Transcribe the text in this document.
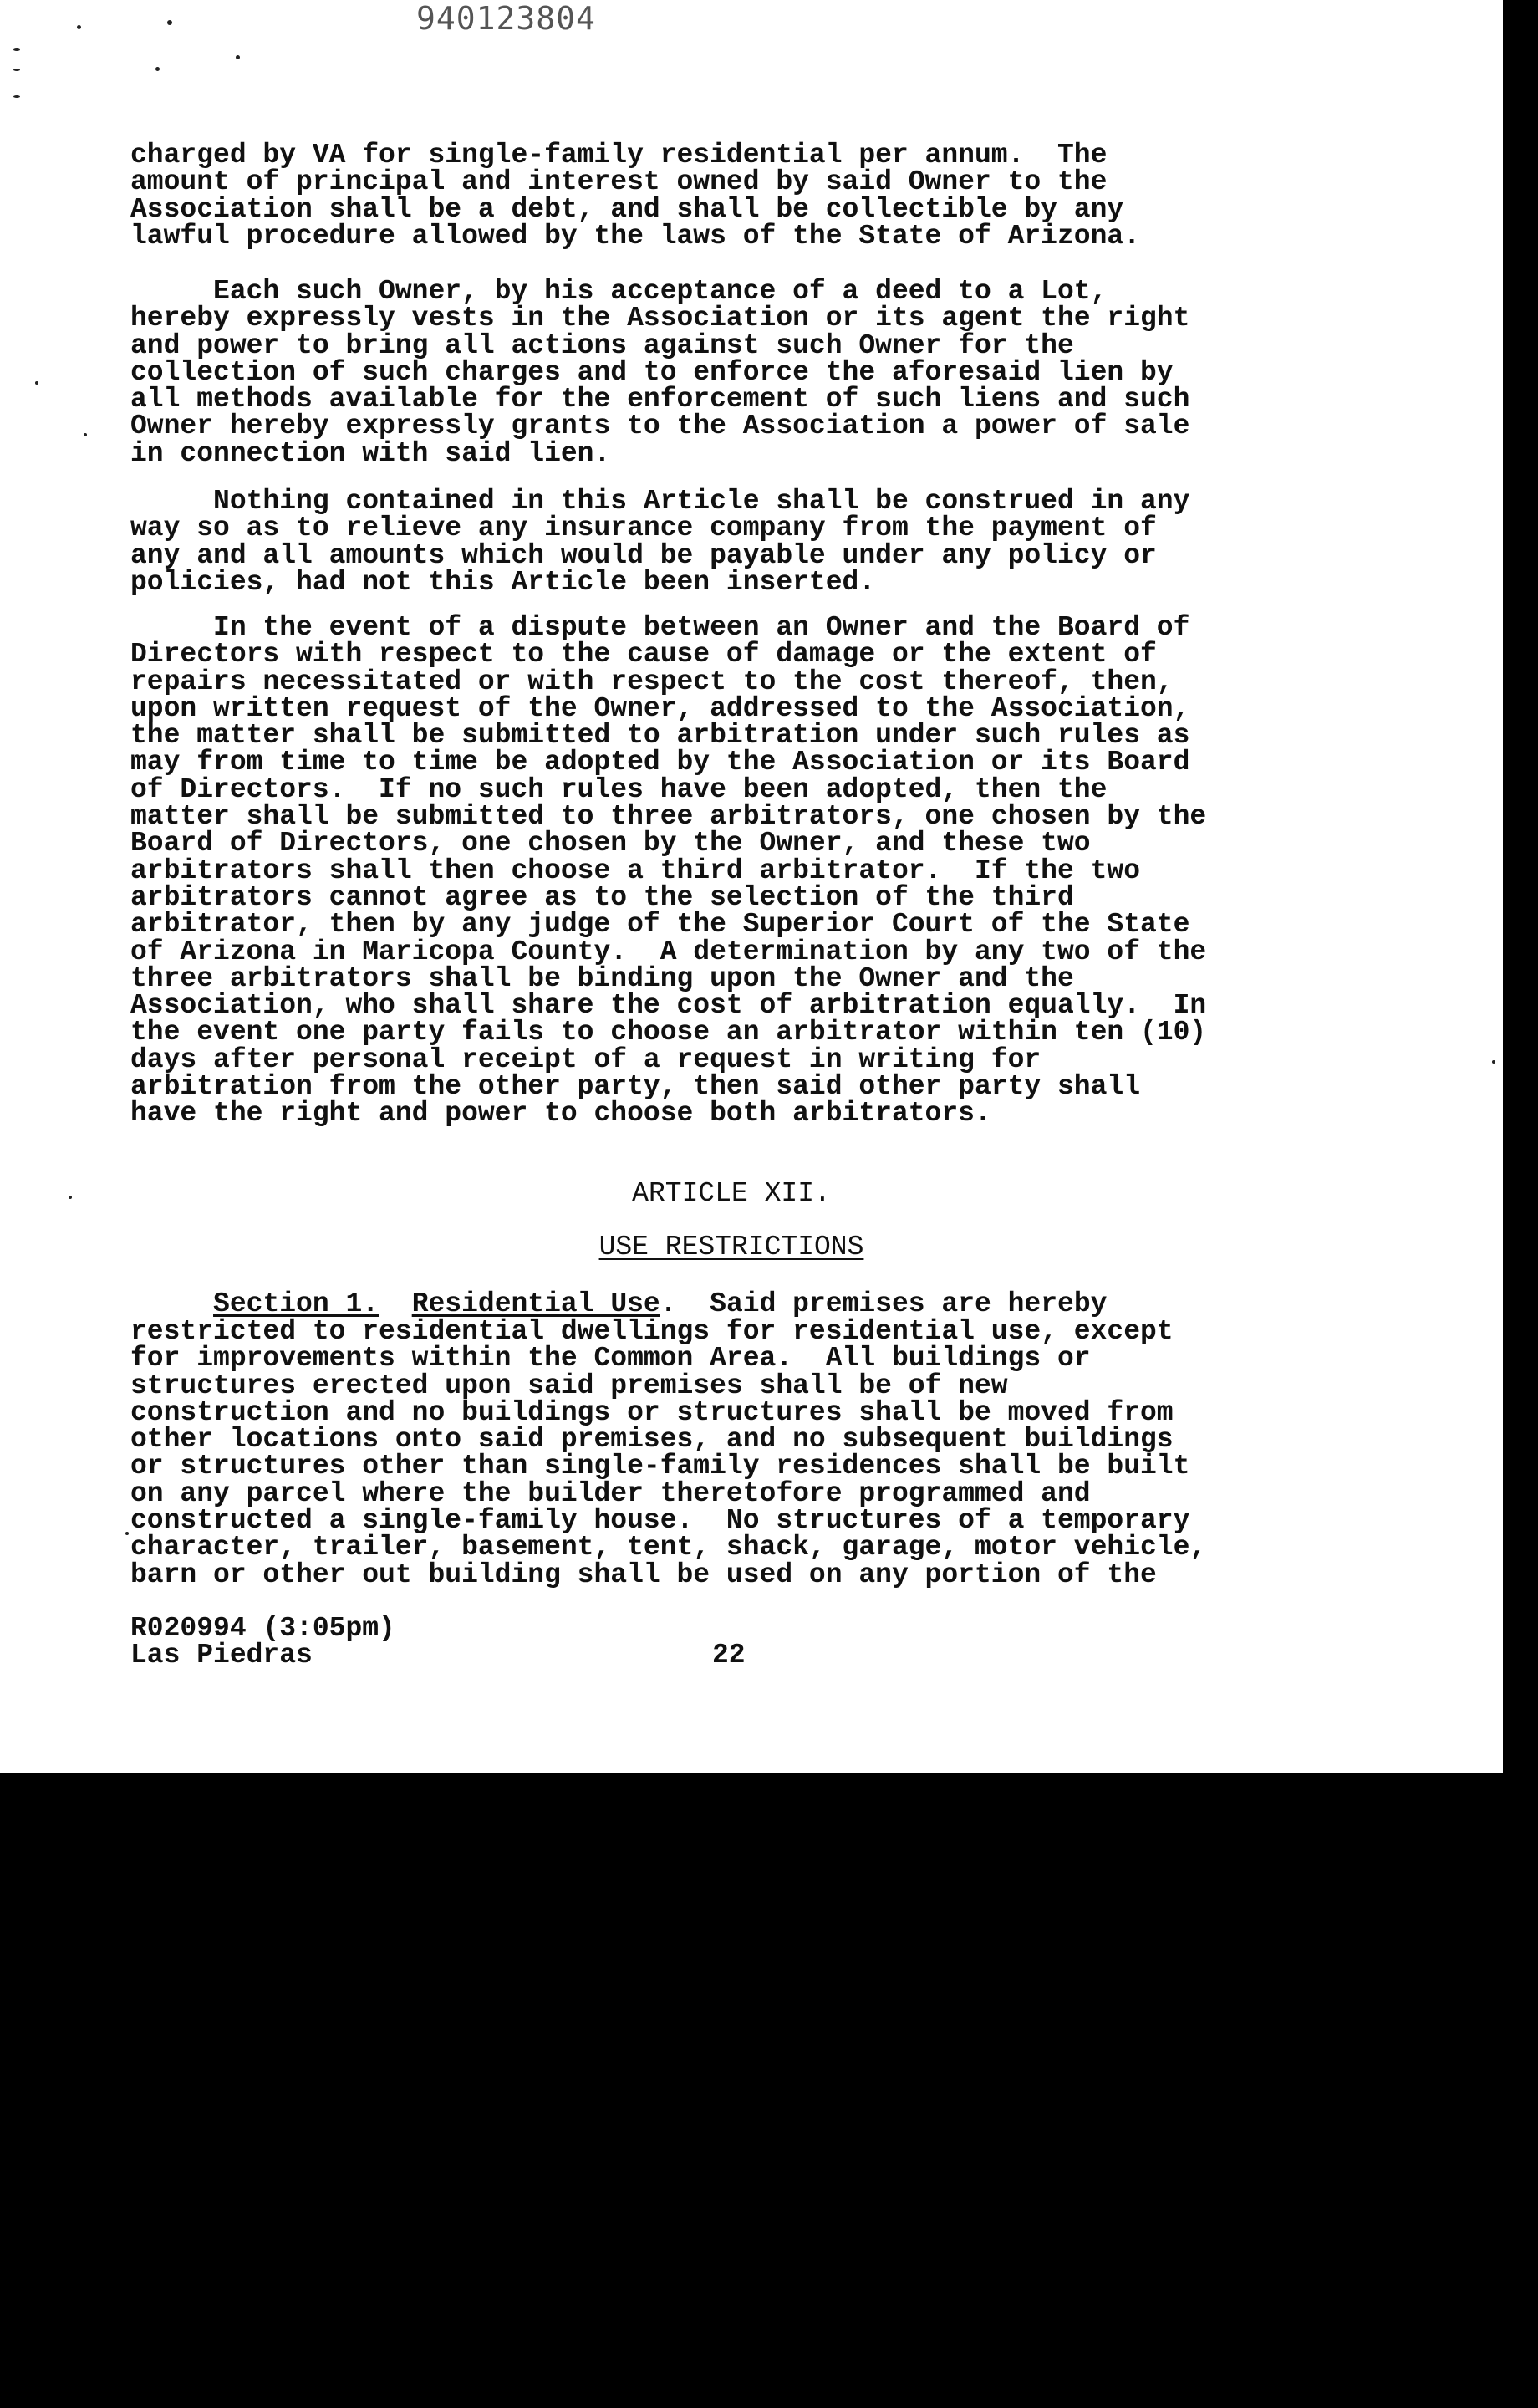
940123804
charged by VA for single-family residential per annum.  The
amount of principal and interest owned by said Owner to the
Association shall be a debt, and shall be collectible by any
lawful procedure allowed by the laws of the State of Arizona.
Each such Owner, by his acceptance of a deed to a Lot,
hereby expressly vests in the Association or its agent the right
and power to bring all actions against such Owner for the
collection of such charges and to enforce the aforesaid lien by
all methods available for the enforcement of such liens and such
Owner hereby expressly grants to the Association a power of sale
in connection with said lien.
Nothing contained in this Article shall be construed in any
way so as to relieve any insurance company from the payment of
any and all amounts which would be payable under any policy or
policies, had not this Article been inserted.
In the event of a dispute between an Owner and the Board of
Directors with respect to the cause of damage or the extent of
repairs necessitated or with respect to the cost thereof, then,
upon written request of the Owner, addressed to the Association,
the matter shall be submitted to arbitration under such rules as
may from time to time be adopted by the Association or its Board
of Directors.  If no such rules have been adopted, then the
matter shall be submitted to three arbitrators, one chosen by the
Board of Directors, one chosen by the Owner, and these two
arbitrators shall then choose a third arbitrator.  If the two
arbitrators cannot agree as to the selection of the third
arbitrator, then by any judge of the Superior Court of the State
of Arizona in Maricopa County.  A determination by any two of the
three arbitrators shall be binding upon the Owner and the
Association, who shall share the cost of arbitration equally.  In
the event one party fails to choose an arbitrator within ten (10)
days after personal receipt of a request in writing for
arbitration from the other party, then said other party shall
have the right and power to choose both arbitrators.
ARTICLE XII.
USE RESTRICTIONS
Section 1. Residential Use.  Said premises are hereby
restricted to residential dwellings for residential use, except
for improvements within the Common Area.  All buildings or
structures erected upon said premises shall be of new
construction and no buildings or structures shall be moved from
other locations onto said premises, and no subsequent buildings
or structures other than single-family residences shall be built
on any parcel where the builder theretofore programmed and
constructed a single-family house.  No structures of a temporary
character, trailer, basement, tent, shack, garage, motor vehicle,
barn or other out building shall be used on any portion of the
R020994 (3:05pm)
Las Piedras	22
